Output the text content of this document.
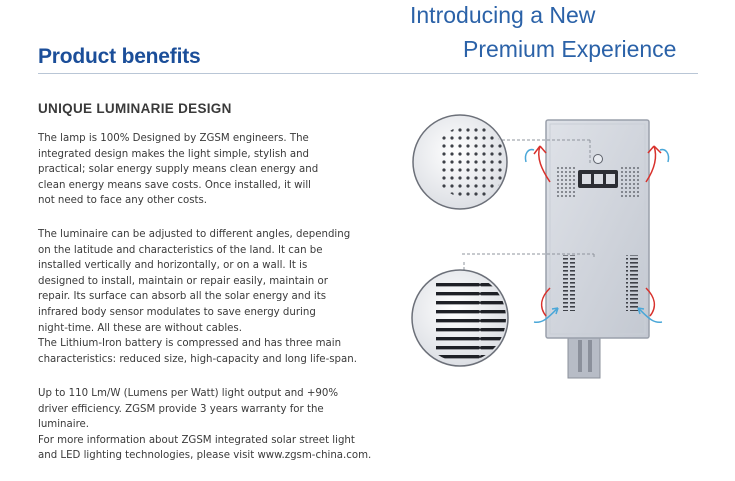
Introducing a New
Premium Experience
Product benefits
UNIQUE LUMINARIE DESIGN

The lamp is 100% Designed by ZGSM engineers. The
integrated design makes the light simple, stylish and
practical; solar energy supply means clean energy and
clean energy means save costs. Once installed, it will
not need to face any other costs.

The luminaire can be adjusted to different angles, depending
on the latitude and characteristics of the land. It can be
installed vertically and horizontally, or on a wall. It is
designed to install, maintain or repair easily, maintain or
repair. Its surface can absorb all the solar energy and its
infrared body sensor modulates to save energy during
night-time. All these are without cables.
The Lithium-Iron battery is compressed and has three main
characteristics: reduced size, high-capacity and long life-span.

Up to 110 Lm/W (Lumens per Watt) light output and +90%
driver efficiency. ZGSM provide 3 years warranty for the
luminaire.
For more information about ZGSM integrated solar street light
and LED lighting technologies, please visit www.zgsm-china.com.
